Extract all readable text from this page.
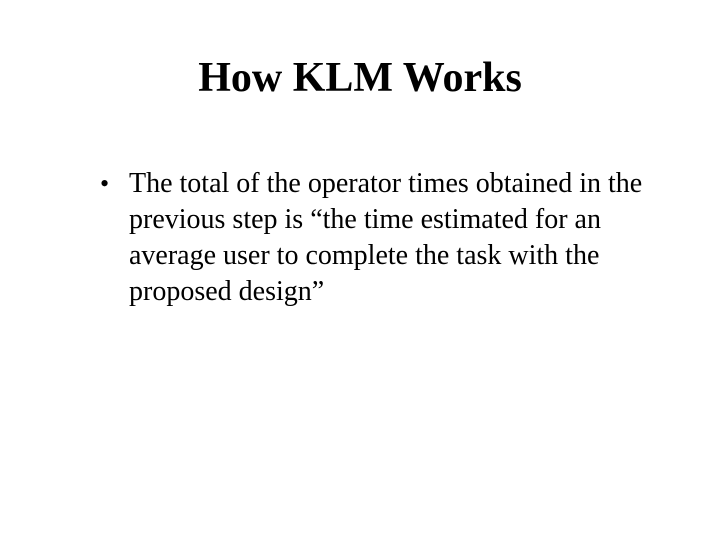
How KLM Works
• The total of the operator times obtained in the previous step is “the time estimated for an average user to complete the task with the proposed design”
